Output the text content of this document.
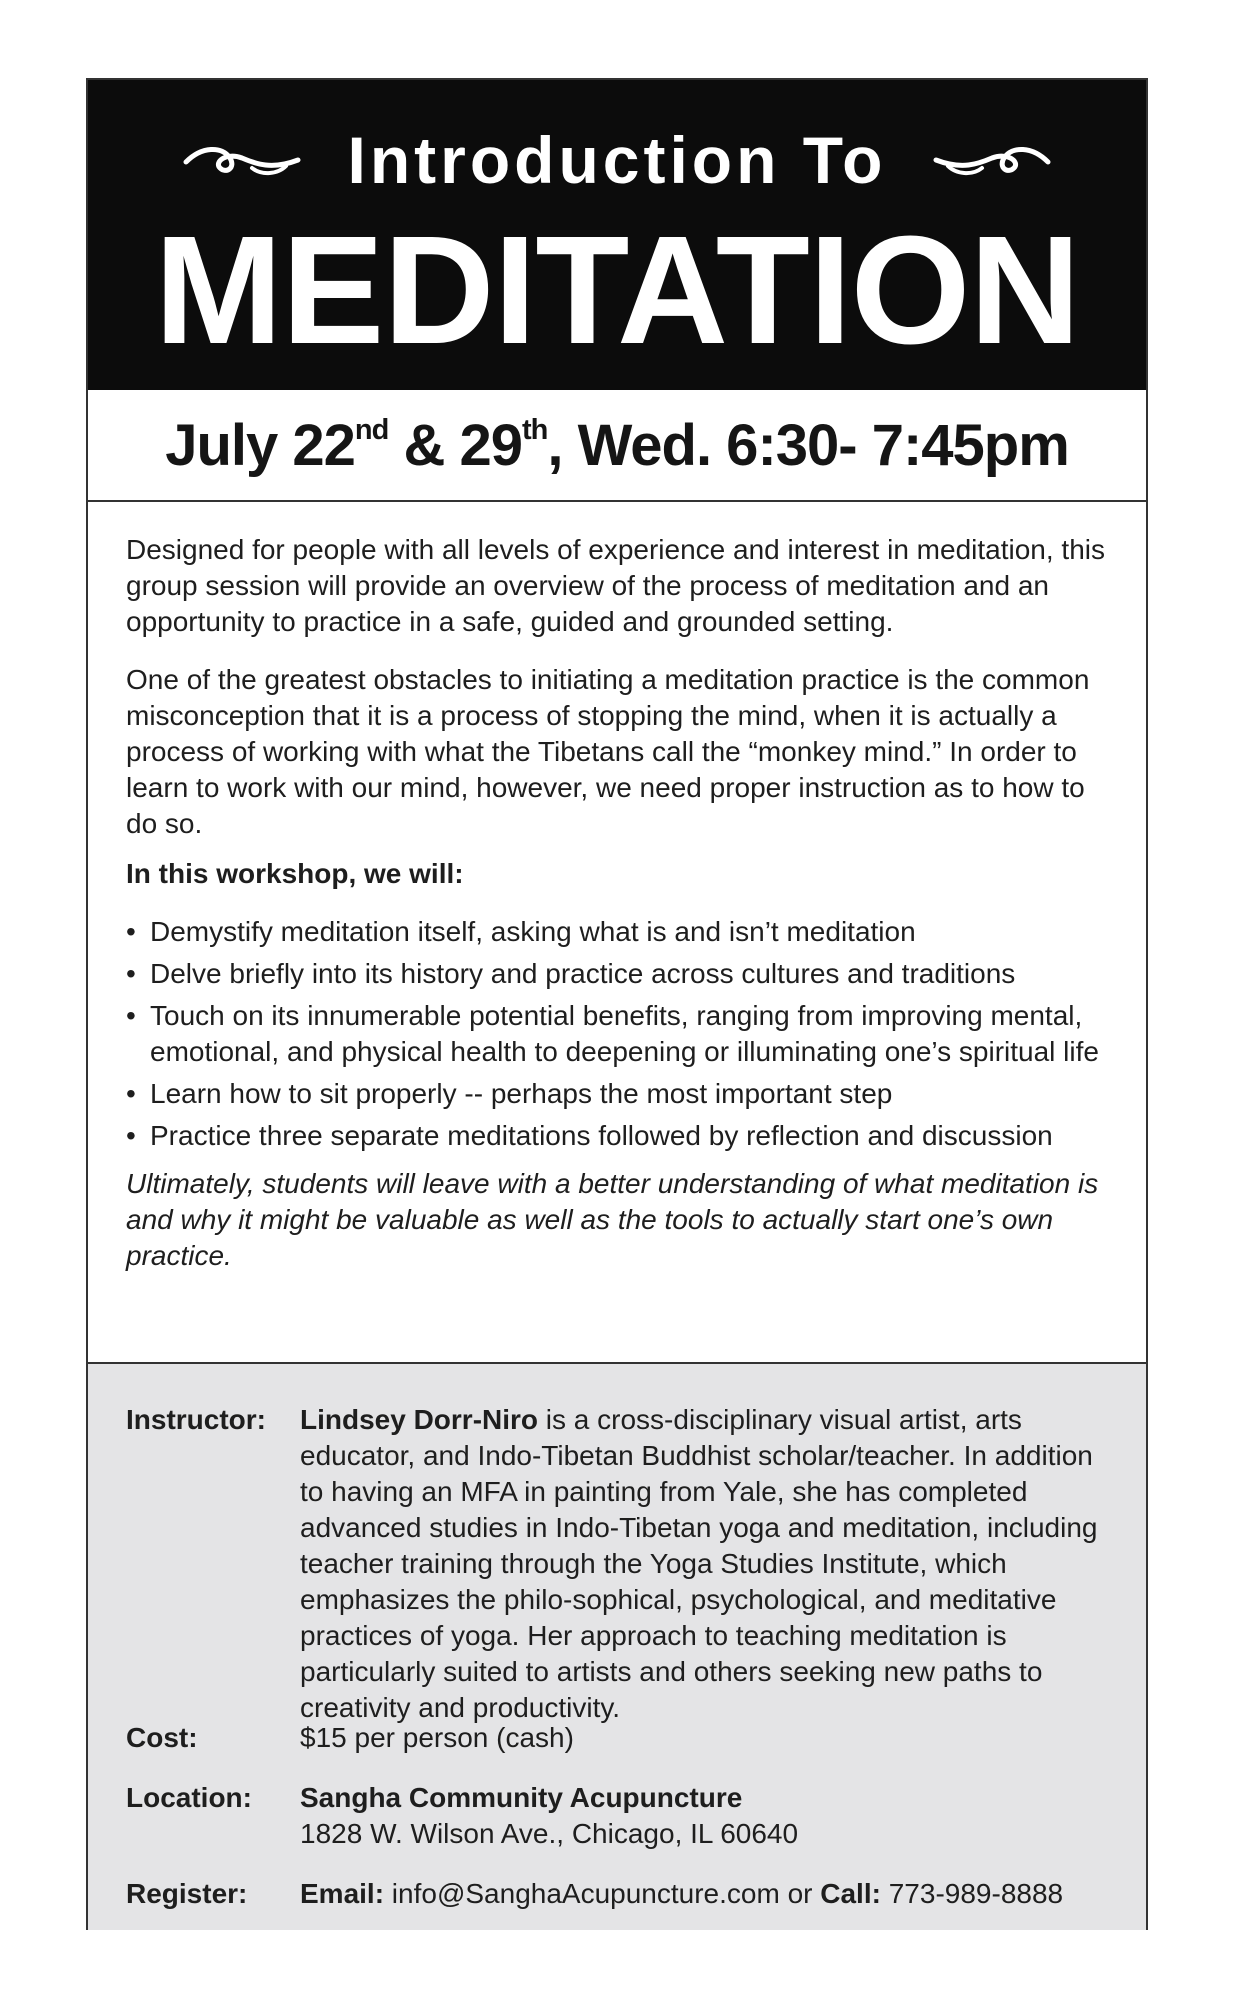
Introduction To
MEDITATION
July 22nd & 29th, Wed. 6:30- 7:45pm

Designed for people with all levels of experience and interest in meditation, this group session will provide an overview of the process of meditation and an opportunity to practice in a safe, guided and grounded setting.

One of the greatest obstacles to initiating a meditation practice is the common misconception that it is a process of stopping the mind, when it is actually a process of working with what the Tibetans call the “monkey mind.” In order to learn to work with our mind, however, we need proper instruction as to how to do so.

In this workshop, we will:

• Demystify meditation itself, asking what is and isn’t meditation
• Delve briefly into its history and practice across cultures and traditions
• Touch on its innumerable potential benefits, ranging from improving mental, emotional, and physical health to deepening or illuminating one’s spiritual life
• Learn how to sit properly -- perhaps the most important step
• Practice three separate meditations followed by reflection and discussion

Ultimately, students will leave with a better understanding of what meditation is and why it might be valuable as well as the tools to actually start one’s own practice.

Instructor: Lindsey Dorr-Niro is a cross-disciplinary visual artist, arts educator, and Indo-Tibetan Buddhist scholar/teacher. In addition to having an MFA in painting from Yale, she has completed advanced studies in Indo-Tibetan yoga and meditation, including teacher training through the Yoga Studies Institute, which emphasizes the philo-sophical, psychological, and meditative practices of yoga. Her approach to teaching meditation is particularly suited to artists and others seeking new paths to creativity and productivity.
Cost:	$15 per person (cash)
Location: Sangha Community Acupuncture
1828 W. Wilson Ave., Chicago, IL 60640
Register: Email: info@SanghaAcupuncture.com or Call: 773-989-8888
